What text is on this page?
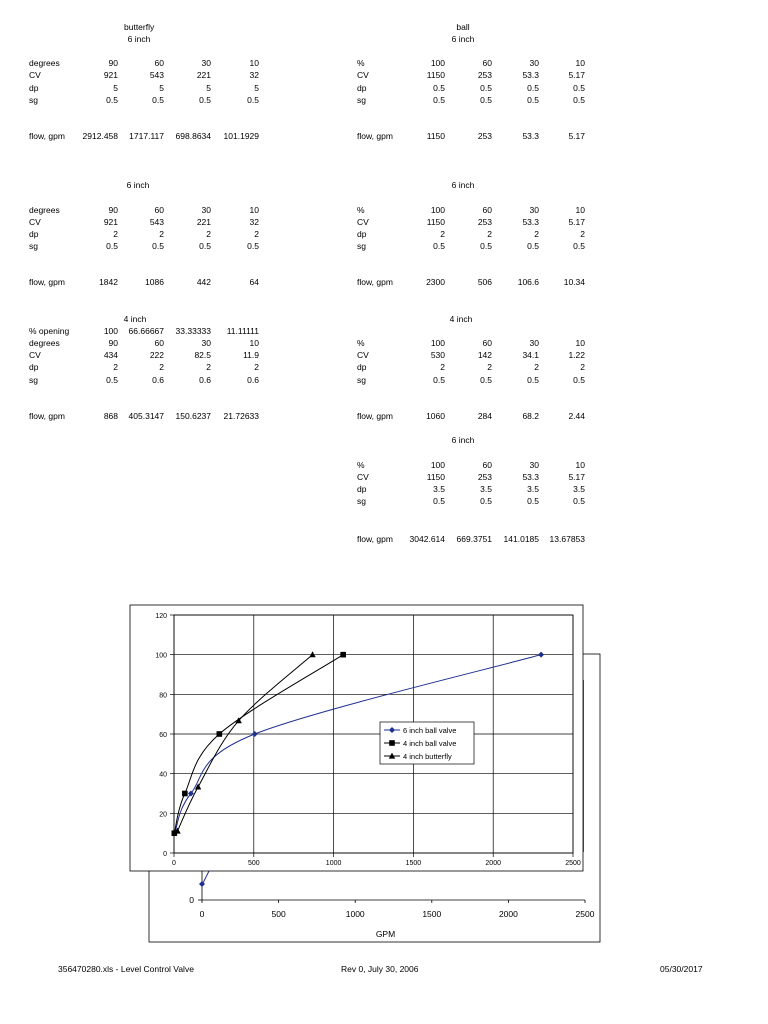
butterfly
6 inch
degrees	90	60	30	10
CV	921	543	221	32
dp	5	5	5	5
sg	0.5	0.5	0.5	0.5
flow, gpm	2912.458	1717.117	698.8634	101.1929
ball
6 inch
%	100	60	30	10
CV	1150	253	53.3	5.17
dp	0.5	0.5	0.5	0.5
sg	0.5	0.5	0.5	0.5
flow, gpm	1150	253	53.3	5.17
6 inch
degrees	90	60	30	10
CV	921	543	221	32
dp	2	2	2	2
sg	0.5	0.5	0.5	0.5
flow, gpm	1842	1086	442	64
6 inch
%	100	60	30	10
CV	1150	253	53.3	5.17
dp	2	2	2	2
sg	0.5	0.5	0.5	0.5
flow, gpm	2300	506	106.6	10.34
4 inch
% opening	100	66.66667	33.33333	11.11111
degrees	90	60	30	10
CV	434	222	82.5	11.9
dp	2	2	2	2
sg	0.5	0.6	0.6	0.6
flow, gpm	868	405.3147	150.6237	21.72633
4 inch
%	100	60	30	10
CV	530	142	34.1	1.22
dp	2	2	2	2
sg	0.5	0.5	0.5	0.5
flow, gpm	1060	284	68.2	2.44
6 inch
%	100	60	30	10
CV	1150	253	53.3	5.17
dp	3.5	3.5	3.5	3.5
sg	0.5	0.5	0.5	0.5
flow, gpm	3042.614	669.3751	141.0185	13.67853
0	500	1000	1500	2000	2500
0
GPM
0
20
40
60
80
100
120
0	500	1000	1500	2000	2500
6 inch ball valve
4 inch ball valve
4 inch butterfly
356470280.xls - Level Control Valve	Rev 0, July 30, 2006	05/30/2017
